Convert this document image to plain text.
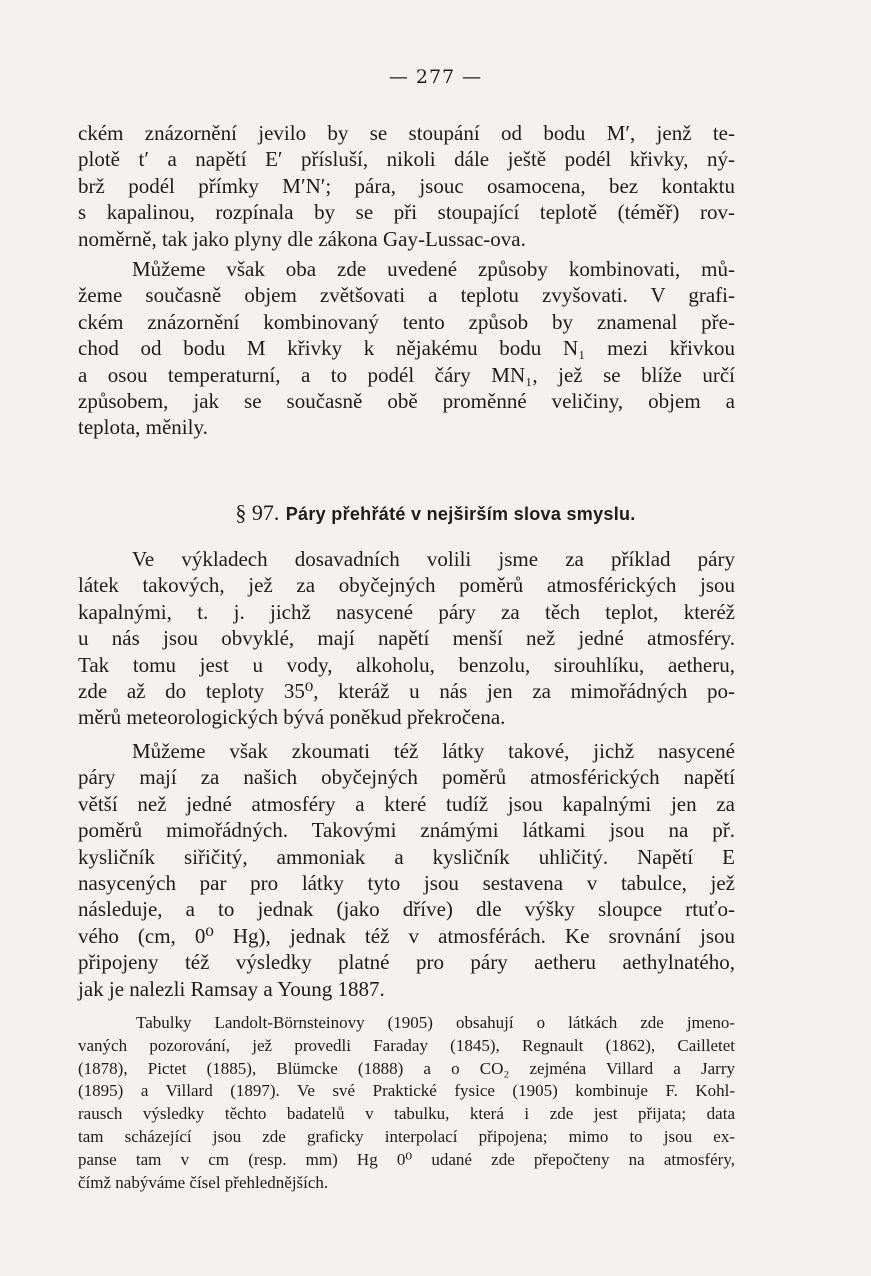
— 277 —
ckém znázornění jevilo by se stoupání od bodu M′, jenž te-
plotě t′ a napětí E′ přísluší, nikoli dále ještě podél křivky, ný-
brž podél přímky M′N′; pára, jsouc osamocena, bez kontaktu
s kapalinou, rozpínala by se při stoupající teplotě (téměř) rov-
noměrně, tak jako plyny dle zákona Gay-Lussac-ova.
Můžeme však oba zde uvedené způsoby kombinovati, mů-
žeme současně objem zvětšovati a teplotu zvyšovati. V grafi-
ckém znázornění kombinovaný tento způsob by znamenal pře-
chod od bodu M křivky k nějakému bodu N₁ mezi křivkou
a osou temperaturní, a to podél čáry MN₁, jež se blíže určí
způsobem, jak se současně obě proměnné veličiny, objem a
teplota, měnily.
§ 97. Páry přehřáté v nejširším slova smyslu.
Ve výkladech dosavadních volili jsme za příklad páry
látek takových, jež za obyčejných poměrů atmosférických jsou
kapalnými, t. j. jichž nasycené páry za těch teplot, kteréž
u nás jsou obvyklé, mají napětí menší než jedné atmosféry.
Tak tomu jest u vody, alkoholu, benzolu, sirouhlíku, aetheru,
zde až do teploty 35⁰, kteráž u nás jen za mimořádných po-
měrů meteorologických bývá poněkud překročena.
Můžeme však zkoumati též látky takové, jichž nasycené
páry mají za našich obyčejných poměrů atmosférických napětí
větší než jedné atmosféry a které tudíž jsou kapalnými jen za
poměrů mimořádných. Takovými známými látkami jsou na př.
kysličník siřičitý, ammoniak a kysličník uhličitý. Napětí E
nasycených par pro látky tyto jsou sestavena v tabulce, jež
následuje, a to jednak (jako dříve) dle výšky sloupce rtuťo-
vého (cm, 0⁰ Hg), jednak též v atmosférách. Ke srovnání jsou
připojeny též výsledky platné pro páry aetheru aethylnatého,
jak je nalezli Ramsay a Young 1887.
Tabulky Landolt-Börnsteinovy (1905) obsahují o látkách zde jmeno-
vaných pozorování, jež provedli Faraday (1845), Regnault (1862), Cailletet
(1878), Pictet (1885), Blümcke (1888) a o CO₂ zejména Villard a Jarry
(1895) a Villard (1897). Ve své Praktické fysice (1905) kombinuje F. Kohl-
rausch výsledky těchto badatelů v tabulku, která i zde jest přijata; data
tam scházející jsou zde graficky interpolací připojena; mimo to jsou ex-
panse tam v cm (resp. mm) Hg 0⁰ udané zde přepočteny na atmosféry,
čímž nabýváme čísel přehlednějších.
